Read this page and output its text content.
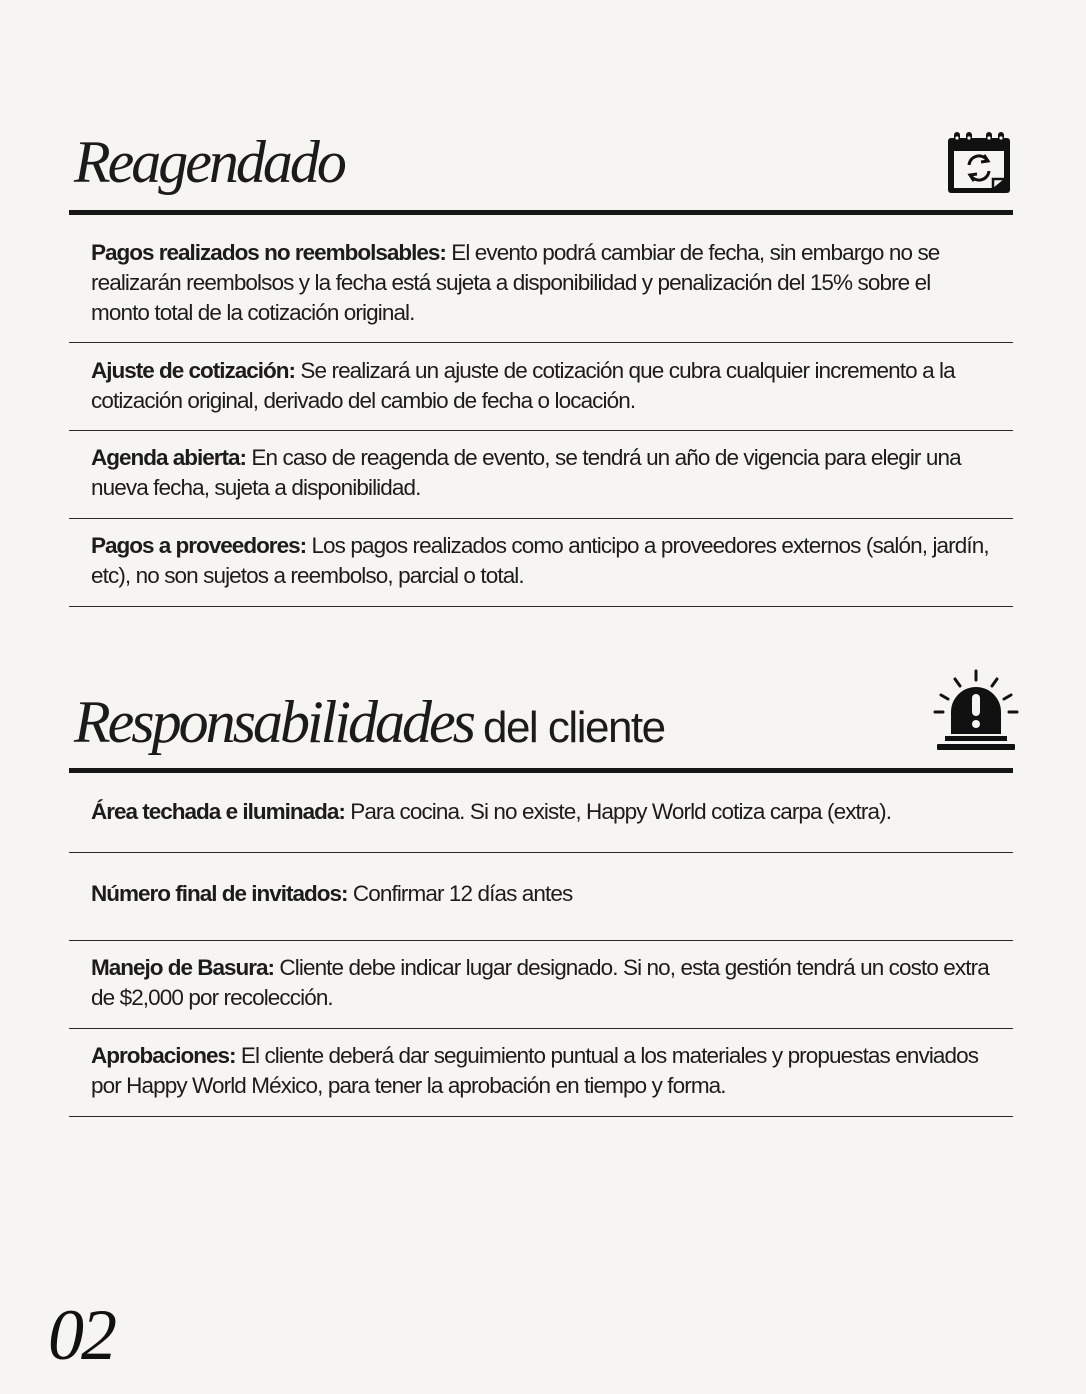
Reagendado
Pagos realizados no reembolsables: El evento podrá cambiar de fecha, sin embargo no se realizarán reembolsos y la fecha está sujeta a disponibilidad y penalización del 15% sobre el monto total de la cotización original.
Ajuste de cotización: Se realizará un ajuste de cotización que cubra cualquier incremento a la cotización original, derivado del cambio de fecha o locación.
Agenda abierta: En caso de reagenda de evento, se tendrá un año de vigencia para elegir una nueva fecha, sujeta a disponibilidad.
Pagos a proveedores: Los pagos realizados como anticipo a proveedores externos (salón, jardín, etc), no son sujetos a reembolso, parcial o total.
Responsabilidades del cliente
Área techada e iluminada: Para cocina. Si no existe, Happy World cotiza carpa (extra).
Número final de invitados: Confirmar 12 días antes
Manejo de Basura: Cliente debe indicar lugar designado. Si no, esta gestión tendrá un costo extra de $2,000 por recolección.
Aprobaciones: El cliente deberá dar seguimiento puntual a los materiales y propuestas enviados por Happy World México, para tener la aprobación en tiempo y forma.
02
